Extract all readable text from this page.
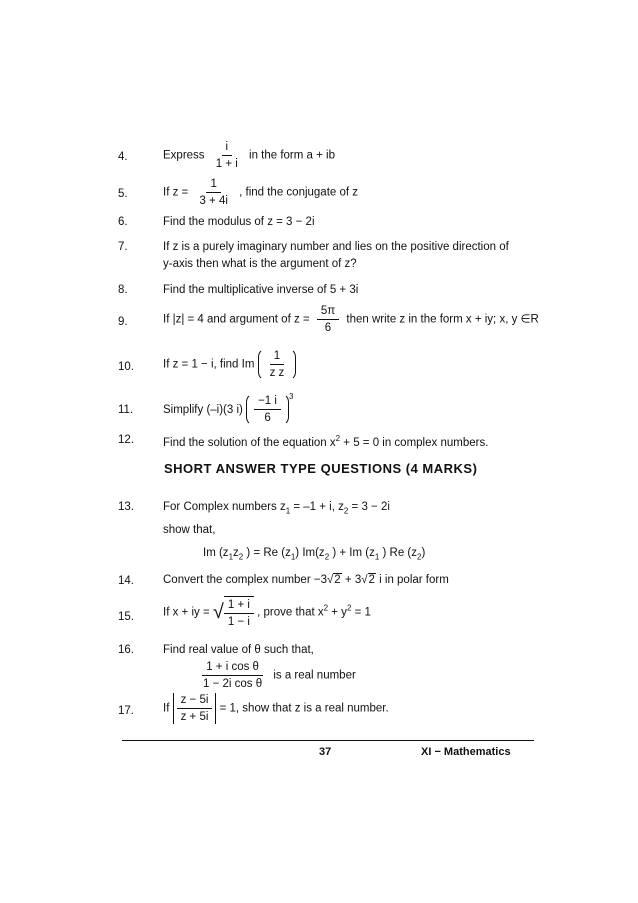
4.	Express $\frac{i}{1 + i}$ in the form a + ib
5.	If $z = \frac{1}{3 + 4i}$ , find the conjugate of z
6.	Find the modulus of z = 3 − 2i
7.	If z is a purely imaginary number and lies on the positive direction of
y-axis then what is the argument of z?
8.	Find the multiplicative inverse of 5 + 3i
9.	If |z| = 4 and argument of $z = \frac{5\pi}{6}$ then write z in the form x + iy; x, y ∈R
10.	If z = 1 − i, find Im $\frac{1}{\text{z z}}$
11.	Simplify (–i)(3 $i) \frac{-1 i}{6} ^3$
12.	Find the solution of the equation $x^2 + 5 = 0$ in complex numbers.
SHORT ANSWER TYPE QUESTIONS (4 MARKS)
13.	For Complex numbers $z_1 = -1 + i$, $z_2 = 3 - 2i$
show that,
Im ($z_1z_2$ ) = Re $(z_1)$ $Im(z_2$ ) + Im ($z_1$ ) Re $(z_2)$
14.	Convert the complex number −3√2 + 3√2 i in polar form
15.	If x + iy = √ $\frac{1 + i}{1 - i}$ , prove that $x^2 + y^2 = 1$
16.	Find real value of θ such that,
$\frac{\text{1 + i cos θ}}{\text{1 − 2i cos θ}}$ is a real number
17.	If $\frac{z - 5i}{z + 5i} = 1$, show that z is a real number.
37	XI − Mathematics
